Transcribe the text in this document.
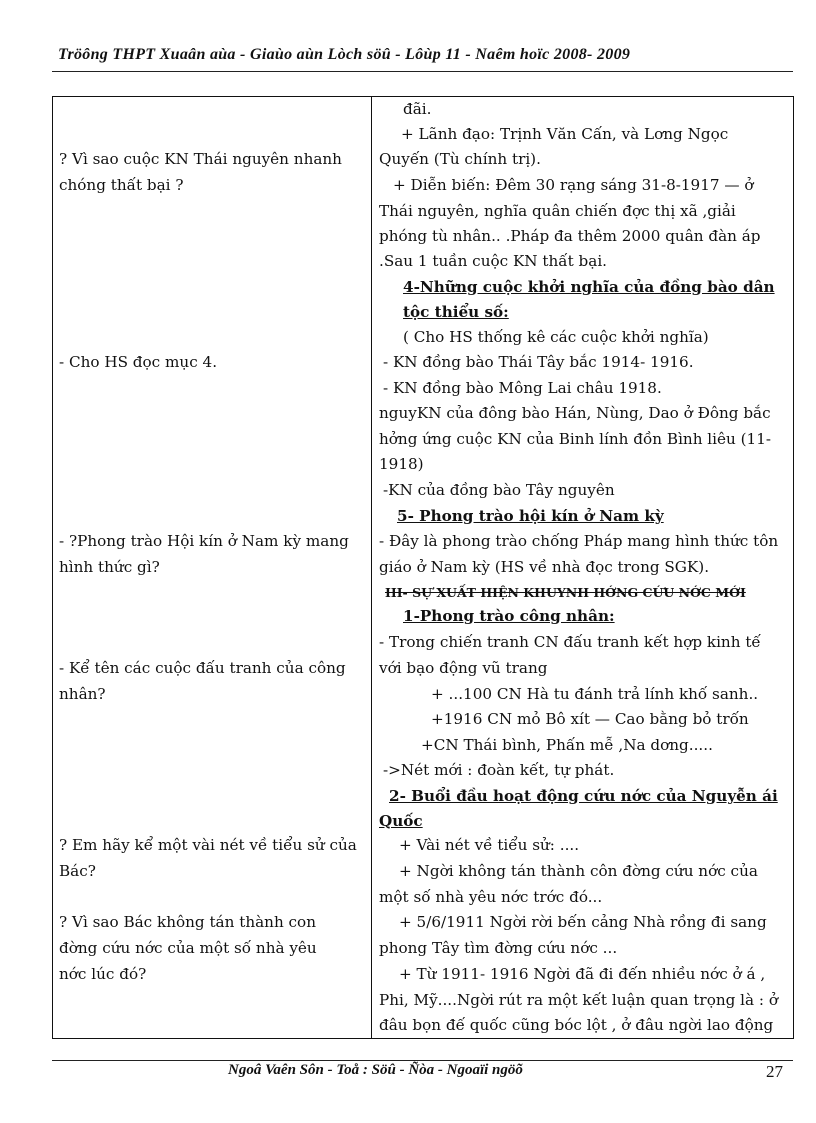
Tröông THPT Xuaân aùa - Giaùo aùn Lòch söû - Lôùp 11 - Naêm hoïc 2008- 2009
? Vì sao cuộc KN Thái nguyên nhanh
chóng thất bại ?
- Cho HS đọc mục 4.
- ?Phong trào Hội kín ở Nam kỳ mang
hình thức gì?
- Kể tên các cuộc đấu tranh của công
nhân?
? Em hãy kể một vài nét về tiểu sử của
Bác?
? Vì sao Bác không tán thành con
đờng cứu nớc của một số nhà yêu
nớc lúc đó?
đãi.
+ Lãnh đạo: Trịnh Văn Cấn, và Lơng Ngọc
Quyến (Tù chính trị).
+ Diễn biến: Đêm 30 rạng sáng 31-8-1917 — ở
Thái nguyên, nghĩa quân chiến đợc thị xã ,giải
phóng tù nhân.. .Pháp đa thêm 2000 quân đàn áp
.Sau 1 tuần cuộc KN thất bại.
4-Những cuộc khởi nghĩa của đồng bào dân
tộc thiểu số:
( Cho HS thống kê các cuộc khởi nghĩa)
- KN đồng bào Thái Tây bắc 1914- 1916.
- KN đồng bào Mông Lai châu 1918.
nguyKN của đông bào Hán, Nùng, Dao ở Đông bắc
hởng ứng cuộc KN của Binh lính đồn Bình liêu (11-
1918)
-KN của đồng bào Tây nguyên
5- Phong trào hội kín ở Nam kỳ
- Đây là phong trào chống Pháp mang hình thức tôn
giáo ở Nam kỳ (HS về nhà đọc trong SGK).
III- SỰ XUẤT HIỆN KHUYNH HỚNG CỨU NỚC MỚI
1-Phong trào công nhân:
- Trong chiến tranh CN đấu tranh kết hợp kinh tế
với bạo động vũ trang
+ ...100 CN Hà tu đánh trả lính khố sanh..
+1916 CN mỏ Bô xít — Cao bằng bỏ trốn
+CN Thái bình, Phấn mễ ,Na dơng.....
->Nét mới : đoàn kết, tự phát.
2- Buổi đầu hoạt động cứu nớc của Nguyễn ái
Quốc
+ Vài nét về tiểu sử: ....
+ Ngời không tán thành côn đờng cứu nớc của
một số nhà yêu nớc trớc đó...
+ 5/6/1911 Ngời rời bến cảng Nhà rồng đi sang
phong Tây tìm đờng cứu nớc ...
+ Từ 1911- 1916 Ngời đã đi đến nhiều nớc ở á ,
Phi, Mỹ....Ngời rút ra một kết luận quan trọng là : ở
đâu bọn đế quốc cũng bóc lột , ở đâu ngời lao động
Ngoâ Vaên Sôn - Toå : Söû - Ñòa - Ngoaïi ngöõ	27
